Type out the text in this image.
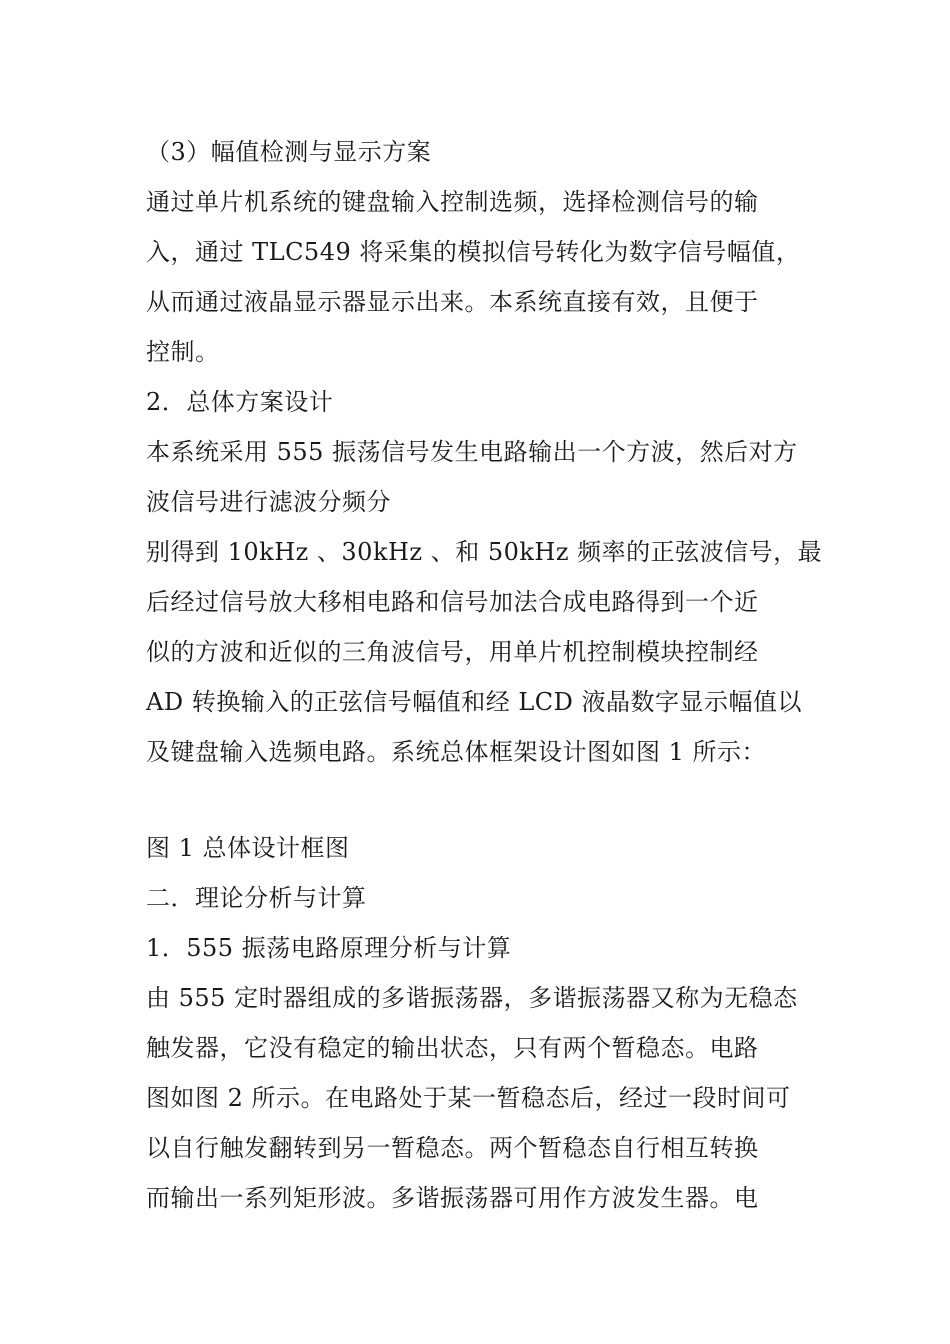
（3）幅值检测与显示方案
通过单片机系统的键盘输入控制选频，选择检测信号的输
入，通过 TLC549 将采集的模拟信号转化为数字信号幅值，
从而通过液晶显示器显示出来。本系统直接有效，且便于
控制。
2．总体方案设计
本系统采用 555 振荡信号发生电路输出一个方波，然后对方
波信号进行滤波分频分
别得到 10kHz 、30kHz 、和 50kHz 频率的正弦波信号，最
后经过信号放大移相电路和信号加法合成电路得到一个近
似的方波和近似的三角波信号，用单片机控制模块控制经
AD 转换输入的正弦信号幅值和经 LCD 液晶数字显示幅值以
及键盘输入选频电路。系统总体框架设计图如图 1 所示：
图 1 总体设计框图
二．理论分析与计算
1．555 振荡电路原理分析与计算
由 555 定时器组成的多谐振荡器，多谐振荡器又称为无稳态
触发器，它没有稳定的输出状态，只有两个暂稳态。电路
图如图 2 所示。在电路处于某一暂稳态后，经过一段时间可
以自行触发翻转到另一暂稳态。两个暂稳态自行相互转换
而输出一系列矩形波。多谐振荡器可用作方波发生器。电
